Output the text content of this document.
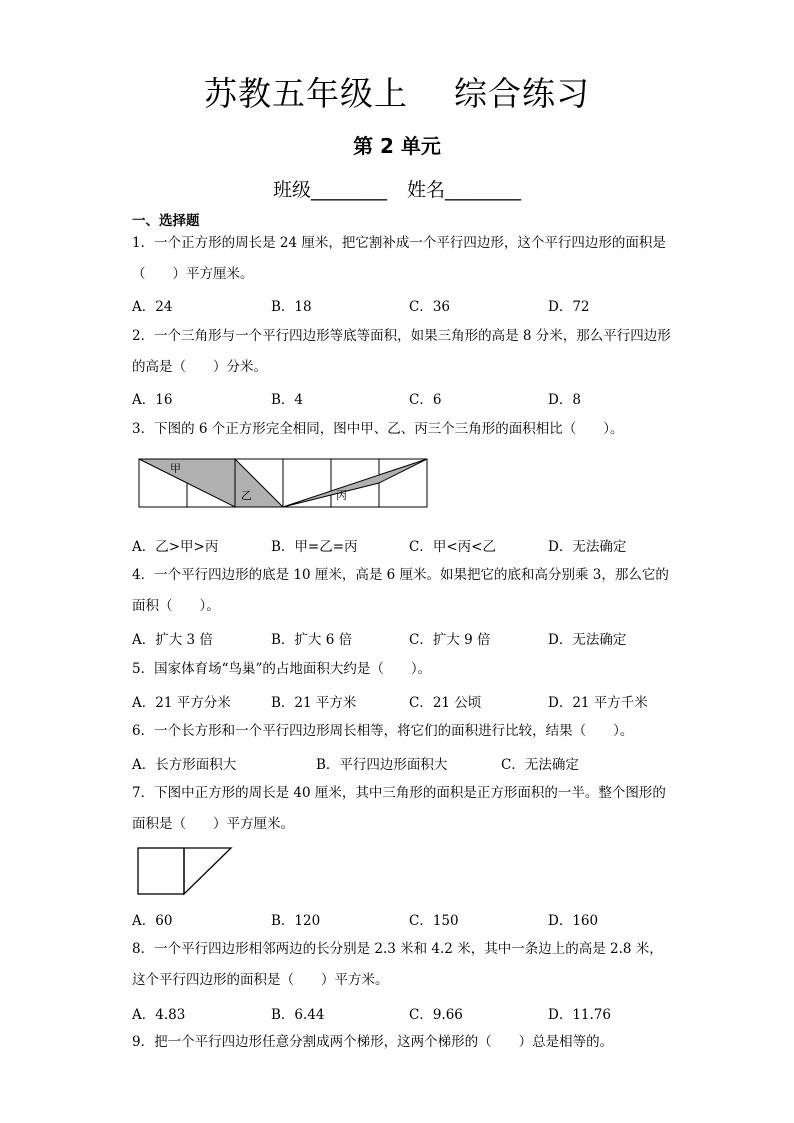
苏教五年级上 综合练习
第 2 单元
班级________ 姓名________
一、选择题
1．一个正方形的周长是 24 厘米，把它割补成一个平行四边形，这个平行四边形的面积是（　　）平方厘米。
A．24	B．18	C．36	D．72
2．一个三角形与一个平行四边形等底等面积，如果三角形的高是 8 分米，那么平行四边形的高是（　　）分米。
A．16	B．4	C．6	D．8
3．下图的 6 个正方形完全相同，图中甲、乙、丙三个三角形的面积相比（　　）。
甲
乙	丙
A．乙>甲>丙	B．甲=乙=丙	C．甲<丙<乙	D．无法确定
4．一个平行四边形的底是 10 厘米，高是 6 厘米。如果把它的底和高分别乘 3，那么它的面积（　　）。
A．扩大 3 倍	B．扩大 6 倍	C．扩大 9 倍	D．无法确定
5．国家体育场“鸟巢”的占地面积大约是（　　）。
A．21 平方分米	B．21 平方米	C．21 公顷	D．21 平方千米
6．一个长方形和一个平行四边形周长相等，将它们的面积进行比较，结果（　　）。
A．长方形面积大	B．平行四边形面积大	C．无法确定
7．下图中正方形的周长是 40 厘米，其中三角形的面积是正方形面积的一半。整个图形的面积是（　　）平方厘米。
A．60	B．120	C．150	D．160
8．一个平行四边形相邻两边的长分别是 2.3 米和 4.2 米，其中一条边上的高是 2.8 米，这个平行四边形的面积是（　　）平方米。
A．4.83	B．6.44	C．9.66	D．11.76
9．把一个平行四边形任意分割成两个梯形，这两个梯形的（　　）总是相等的。
